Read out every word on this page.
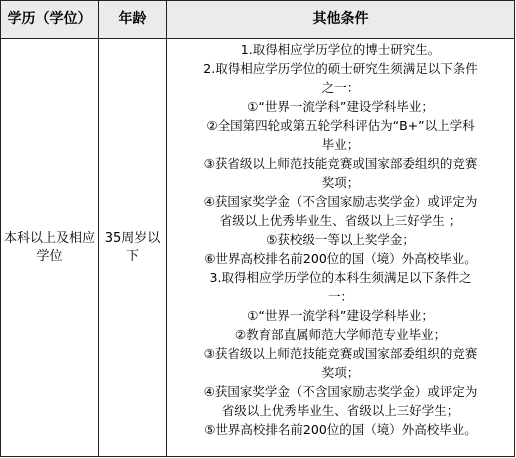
学历（学位）	年龄	其他条件
本科以上及相应学位
35周岁以下
1.取得相应学历学位的博士研究生。
2.取得相应学历学位的硕士研究生须满足以下条件
之一：
①“世界一流学科”建设学科毕业；
②全国第四轮或第五轮学科评估为“B+”以上学科
毕业；
③获省级以上师范技能竞赛或国家部委组织的竞赛
奖项；
④获国家奖学金（不含国家励志奖学金）或评定为
省级以上优秀毕业生、省级以上三好学生 ；
⑤获校级一等以上奖学金；
⑥世界高校排名前200位的国（境）外高校毕业。
3.取得相应学历学位的本科生须满足以下条件之
一：
①“世界一流学科”建设学科毕业；
②教育部直属师范大学师范专业毕业；
③获省级以上师范技能竞赛或国家部委组织的竞赛
奖项；
④获国家奖学金（不含国家励志奖学金）或评定为
省级以上优秀毕业生、省级以上三好学生；
⑤世界高校排名前200位的国（境）外高校毕业。
